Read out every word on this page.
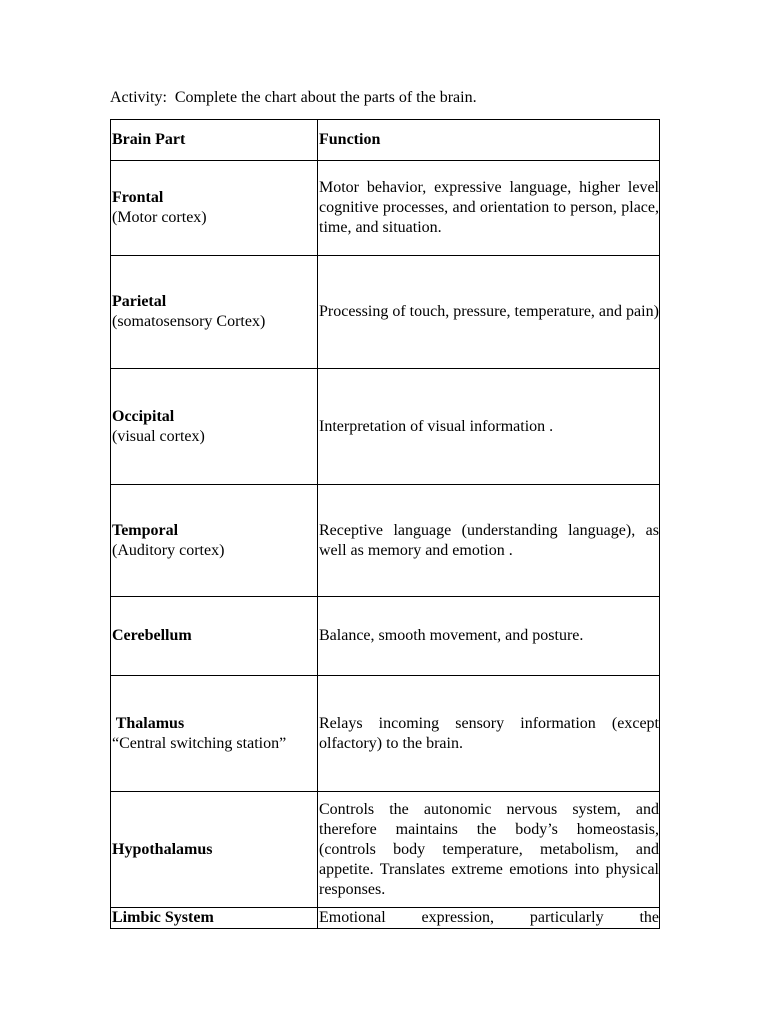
Activity:  Complete the chart about the parts of the brain.

Brain Part	Function

Frontal
(Motor cortex)	Motor behavior, expressive language, higher level cognitive processes, and orientation to person, place, time, and situation.

Parietal
(somatosensory Cortex)	Processing of touch, pressure, temperature, and pain)

Occipital
(visual cortex)	Interpretation of visual information .

Temporal
(Auditory cortex)	Receptive language (understanding language), as well as memory and emotion .

Cerebellum	Balance, smooth movement, and posture.

Thalamus
“Central switching station”	Relays incoming sensory information (except olfactory) to the brain.

Hypothalamus	Controls the autonomic nervous system, and therefore maintains the body’s homeostasis, (controls body temperature, metabolism, and appetite. Translates extreme emotions into physical responses.

Limbic System	Emotional expression, particularly the
